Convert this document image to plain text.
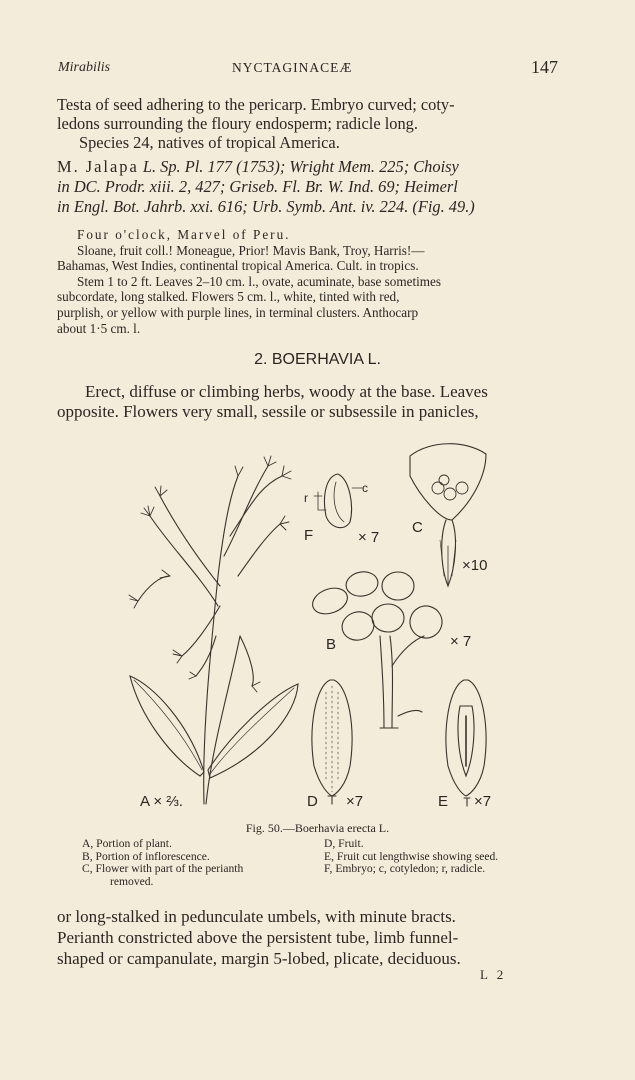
Mirabilis	NYCTAGINACEÆ	147
Testa of seed adhering to the pericarp. Embryo curved; coty-
ledons surrounding the floury endosperm; radicle long.
Species 24, natives of tropical America.
M. Jalapa L. Sp. Pl. 177 (1753); Wright Mem. 225; Choisy
in DC. Prodr. xiii. 2, 427; Griseb. Fl. Br. W. Ind. 69; Heimerl
in Engl. Bot. Jahrb. xxi. 616; Urb. Symb. Ant. iv. 224. (Fig. 49.)
Four o'clock, Marvel of Peru.
Sloane, fruit coll.! Moneague, Prior! Mavis Bank, Troy, Harris!—
Bahamas, West Indies, continental tropical America. Cult. in tropics.
Stem 1 to 2 ft. Leaves 2–10 cm. l., ovate, acuminate, base sometimes
subcordate, long stalked. Flowers 5 cm. l., white, tinted with red,
purplish, or yellow with purple lines, in terminal clusters. Anthocarp
about 1·5 cm. l.
2. BOERHAVIA L.
Erect, diffuse or climbing herbs, woody at the base. Leaves
opposite. Flowers very small, sessile or subsessile in panicles,
A × ⅔.
B	× 7
C
×10
D ×7	E ×7
F	× 7
r
c
Fig. 50.—Boerhavia erecta L.
A, Portion of plant.
B, Portion of inflorescence.
C, Flower with part of the perianth
removed.
D, Fruit.
E, Fruit cut lengthwise showing seed.
F, Embryo; c, cotyledon; r, radicle.
or long-stalked in pedunculate umbels, with minute bracts.
Perianth constricted above the persistent tube, limb funnel-
shaped or campanulate, margin 5-lobed, plicate, deciduous.
L 2
